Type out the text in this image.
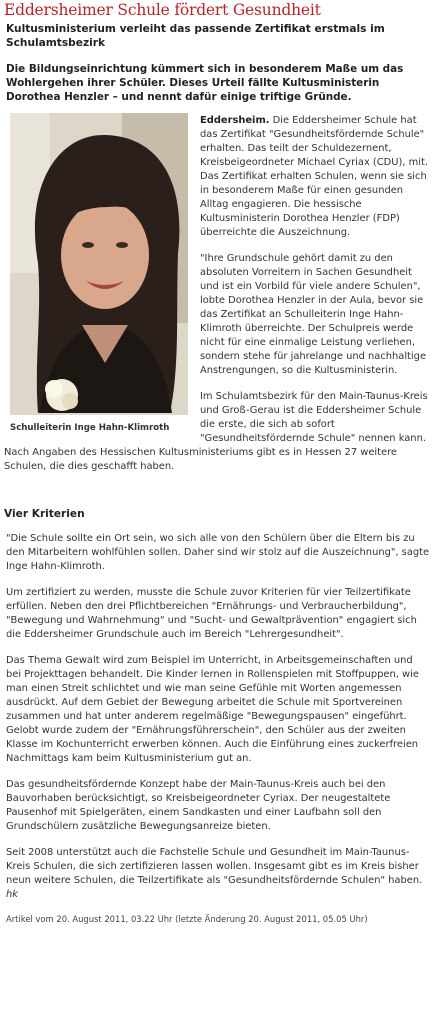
Eddersheimer Schule fördert Gesundheit
Kultusministerium verleiht das passende Zertifikat erstmals im Schulamtsbezirk
Die Bildungseinrichtung kümmert sich in besonderem Maße um das Wohlergehen ihrer Schüler. Dieses Urteil fällte Kultusministerin Dorothea Henzler – und nennt dafür einige triftige Gründe.
Schulleiterin Inge Hahn-Klimroth

Eddersheim. Die Eddersheimer Schule hat das Zertifikat "Gesundheitsfördernde Schule" erhalten. Das teilt der Schuldezernent, Kreisbeigeordneter Michael Cyriax (CDU), mit. Das Zertifikat erhalten Schulen, wenn sie sich in besonderem Maße für einen gesunden Alltag engagieren. Die hessische Kultusministerin Dorothea Henzler (FDP) überreichte die Auszeichnung.

"Ihre Grundschule gehört damit zu den absoluten Vorreitern in Sachen Gesundheit und ist ein Vorbild für viele andere Schulen", lobte Dorothea Henzler in der Aula, bevor sie das Zertifikat an Schulleiterin Inge Hahn-Klimroth überreichte. Der Schulpreis werde nicht für eine einmalige Leistung verliehen, sondern stehe für jahrelange und nachhaltige Anstrengungen, so die Kultusministerin.

Im Schulamtsbezirk für den Main-Taunus-Kreis und Groß-Gerau ist die Eddersheimer Schule die erste, die sich ab sofort "Gesundheitsfördernde Schule" nennen kann. Nach Angaben des Hessischen Kultusministeriums gibt es in Hessen 27 weitere Schulen, die dies geschafft haben.

Vier Kriterien

"Die Schule sollte ein Ort sein, wo sich alle von den Schülern über die Eltern bis zu den Mitarbeitern wohlfühlen sollen. Daher sind wir stolz auf die Auszeichnung", sagte Inge Hahn-Klimroth.

Um zertifiziert zu werden, musste die Schule zuvor Kriterien für vier Teilzertifikate erfüllen. Neben den drei Pflichtbereichen "Ernährungs- und Verbraucherbildung", "Bewegung und Wahrnehmung" und "Sucht- und Gewaltprävention" engagiert sich die Eddersheimer Grundschule auch im Bereich "Lehrergesundheit".

Das Thema Gewalt wird zum Beispiel im Unterricht, in Arbeitsgemeinschaften und bei Projekttagen behandelt. Die Kinder lernen in Rollenspielen mit Stoffpuppen, wie man einen Streit schlichtet und wie man seine Gefühle mit Worten angemessen ausdrückt. Auf dem Gebiet der Bewegung arbeitet die Schule mit Sportvereinen zusammen und hat unter anderem regelmäßige "Bewegungspausen" eingeführt. Gelobt wurde zudem der "Ernährungsführerschein", den Schüler aus der zweiten Klasse im Kochunterricht erwerben können. Auch die Einführung eines zuckerfreien Nachmittags kam beim Kultusministerium gut an.

Das gesundheitsfördernde Konzept habe der Main-Taunus-Kreis auch bei den Bauvorhaben berücksichtigt, so Kreisbeigeordneter Cyriax. Der neugestaltete Pausenhof mit Spielgeräten, einem Sandkasten und einer Laufbahn soll den Grundschülern zusätzliche Bewegungsanreize bieten.

Seit 2008 unterstützt auch die Fachstelle Schule und Gesundheit im Main-Taunus-Kreis Schulen, die sich zertifizieren lassen wollen. Insgesamt gibt es im Kreis bisher neun weitere Schulen, die Teilzertifikate als "Gesundheitsfördernde Schulen" haben. hk

Artikel vom 20. August 2011, 03.22 Uhr (letzte Änderung 20. August 2011, 05.05 Uhr)
